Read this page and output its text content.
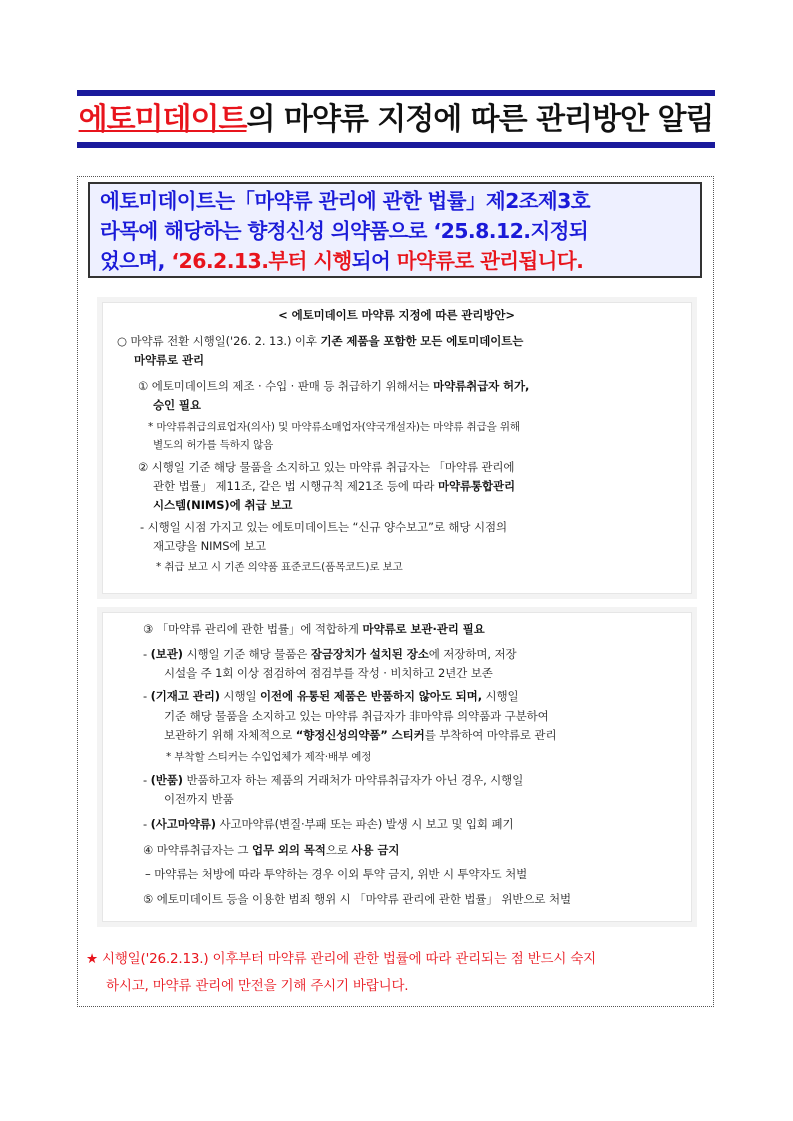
에토미데이트의 마약류 지정에 따른 관리방안 알림
에토미데이트는「마약류 관리에 관한 법률」제2조제3호
라목에 해당하는 향정신성 의약품으로 ‘25.8.12.지정되
었으며, ‘26.2.13.부터 시행되어 마약류로 관리됩니다.
< 에토미데이트 마약류 지정에 따른 관리방안>
○ 마약류 전환 시행일('26. 2. 13.) 이후 기존 제품을 포함한 모든 에토미데이트는
마약류로 관리
① 에토미데이트의 제조 · 수입 · 판매 등 취급하기 위해서는 마약류취급자 허가,
승인 필요
* 마약류취급의료업자(의사) 및 마약류소매업자(약국개설자)는 마약류 취급을 위해
별도의 허가를 득하지 않음
② 시행일 기준 해당 물품을 소지하고 있는 마약류 취급자는 「마약류 관리에
관한 법률」 제11조, 같은 법 시행규칙 제21조 등에 따라 마약류통합관리
시스템(NIMS)에 취급 보고
- 시행일 시점 가지고 있는 에토미데이트는 “신규 양수보고”로 해당 시점의
재고량을 NIMS에 보고
* 취급 보고 시 기존 의약품 표준코드(품목코드)로 보고
③ 「마약류 관리에 관한 법률」에 적합하게 마약류로 보관·관리 필요
- (보관) 시행일 기준 해당 물품은 잠금장치가 설치된 장소에 저장하며, 저장
시설을 주 1회 이상 점검하여 점검부를 작성 · 비치하고 2년간 보존
- (기재고 관리) 시행일 이전에 유통된 제품은 반품하지 않아도 되며, 시행일
기준 해당 물품을 소지하고 있는 마약류 취급자가 非마약류 의약품과 구분하여
보관하기 위해 자체적으로 “향정신성의약품” 스티커를 부착하여 마약류로 관리
* 부착할 스티커는 수입업체가 제작·배부 예정
- (반품) 반품하고자 하는 제품의 거래처가 마약류취급자가 아닌 경우, 시행일
이전까지 반품
- (사고마약류) 사고마약류(변질·부패 또는 파손) 발생 시 보고 및 입회 폐기
④ 마약류취급자는 그 업무 외의 목적으로 사용 금지
– 마약류는 처방에 따라 투약하는 경우 이외 투약 금지, 위반 시 투약자도 처벌
⑤ 에토미데이트 등을 이용한 범죄 행위 시 「마약류 관리에 관한 법률」 위반으로 처벌
★ 시행일('26.2.13.) 이후부터 마약류 관리에 관한 법률에 따라 관리되는 점 반드시 숙지
하시고, 마약류 관리에 만전을 기해 주시기 바랍니다.
